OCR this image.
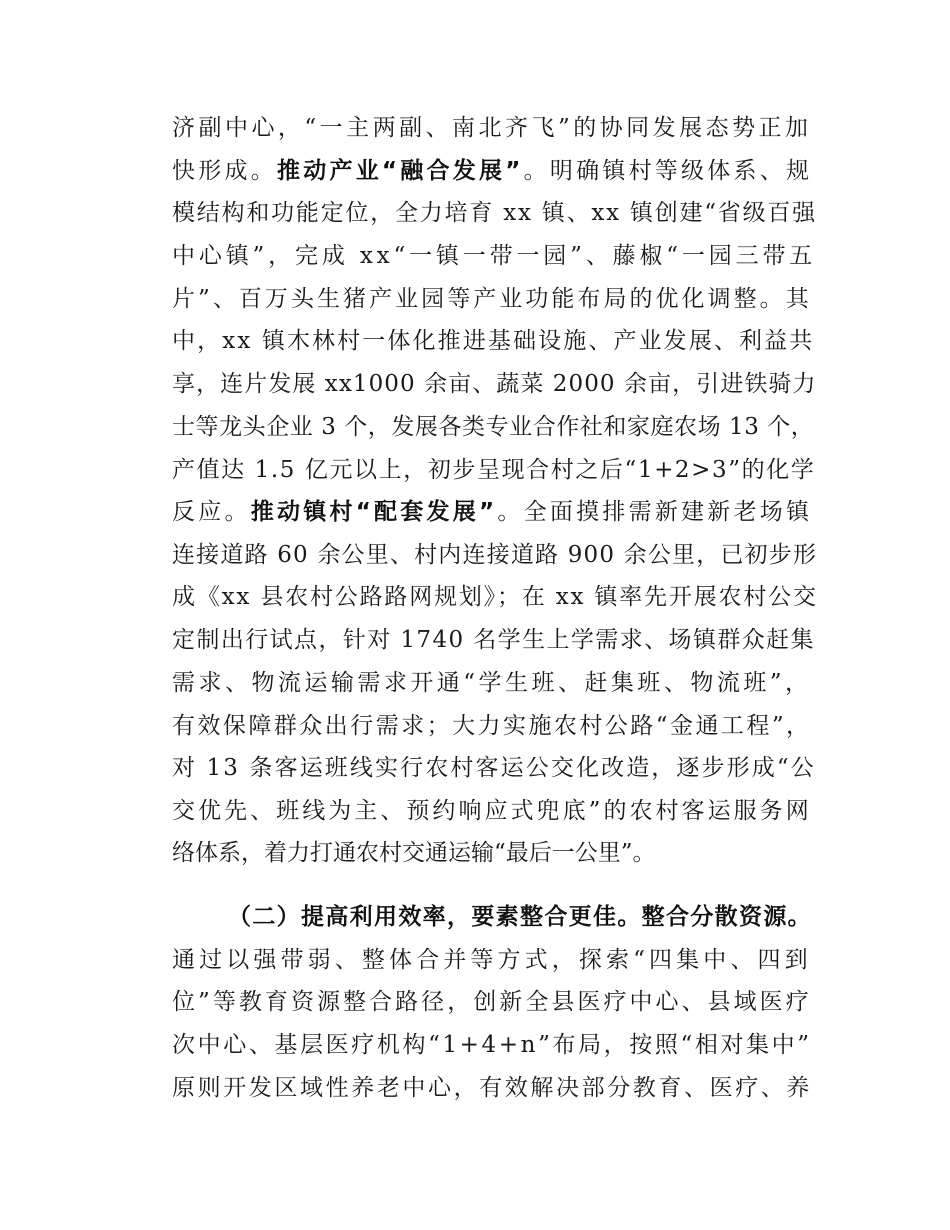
济副中心，“一主两副、南北齐飞”的协同发展态势正加
快形成。推动产业“融合发展”。明确镇村等级体系、规
模结构和功能定位，全力培育 xx 镇、xx 镇创建“省级百强
中心镇”，完成 xx“一镇一带一园”、藤椒“一园三带五
片”、百万头生猪产业园等产业功能布局的优化调整。其
中，xx 镇木林村一体化推进基础设施、产业发展、利益共
享，连片发展 xx1000 余亩、蔬菜 2000 余亩，引进铁骑力
士等龙头企业 3 个，发展各类专业合作社和家庭农场 13 个，
产值达 1.5 亿元以上，初步呈现合村之后“1+2>3”的化学
反应。推动镇村“配套发展”。全面摸排需新建新老场镇
连接道路 60 余公里、村内连接道路 900 余公里，已初步形
成《xx 县农村公路路网规划》；在 xx 镇率先开展农村公交
定制出行试点，针对 1740 名学生上学需求、场镇群众赶集
需求、物流运输需求开通“学生班、赶集班、物流班”，
有效保障群众出行需求；大力实施农村公路“金通工程”，
对 13 条客运班线实行农村客运公交化改造，逐步形成“公
交优先、班线为主、预约响应式兜底”的农村客运服务网
络体系，着力打通农村交通运输“最后一公里”。
（二）提高利用效率，要素整合更佳。整合分散资源。
通过以强带弱、整体合并等方式，探索“四集中、四到
位”等教育资源整合路径，创新全县医疗中心、县域医疗
次中心、基层医疗机构“1+4+n”布局，按照“相对集中”
原则开发区域性养老中心，有效解决部分教育、医疗、养
